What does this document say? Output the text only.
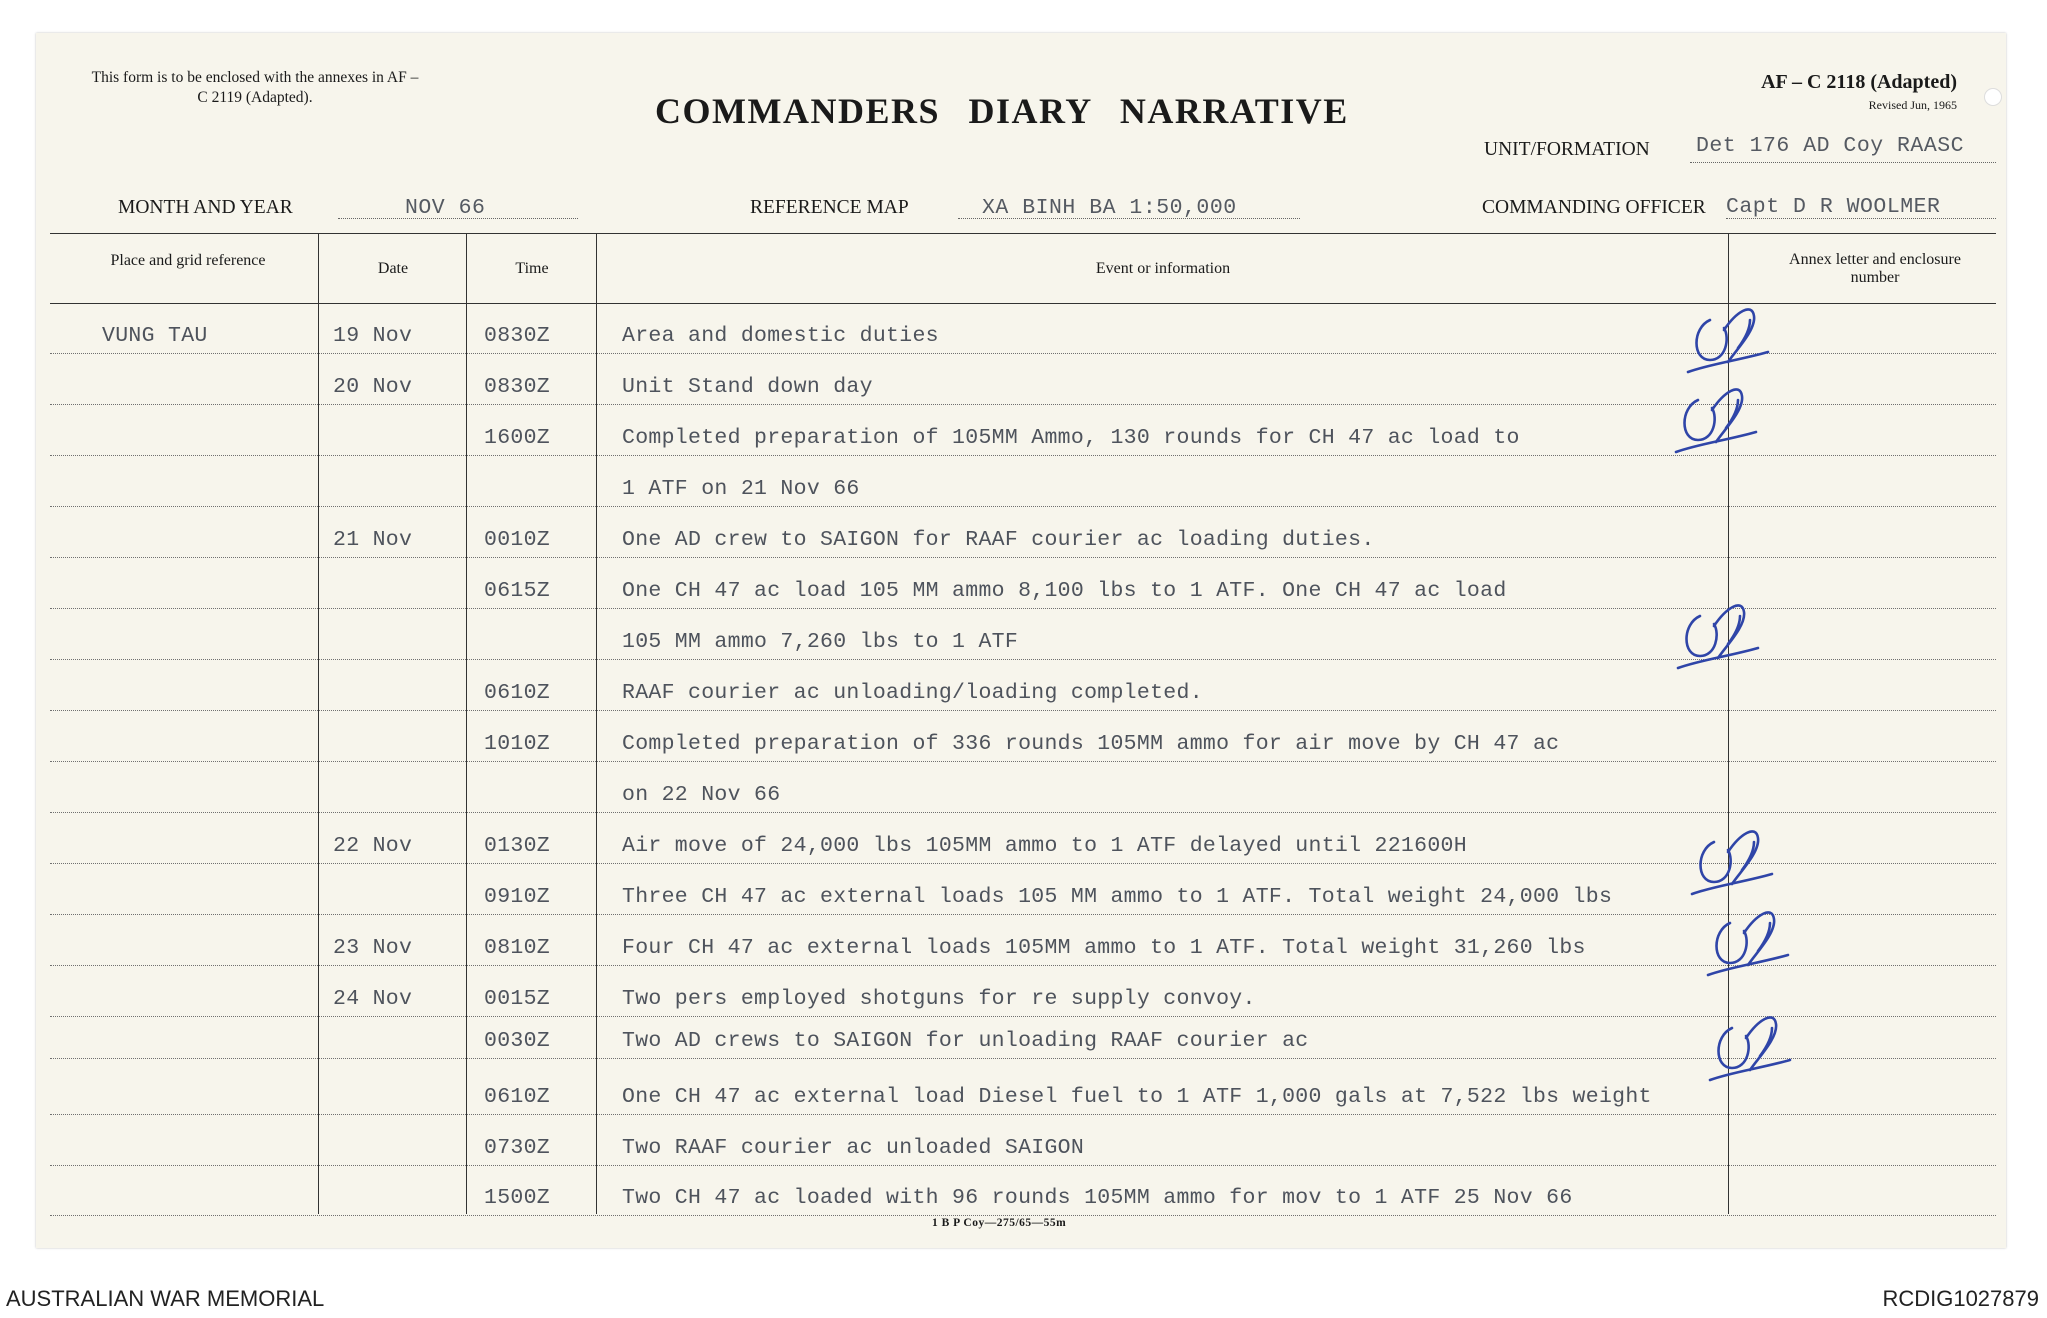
This form is to be enclosed with the annexes in AF – C 2119 (Adapted).	COMMANDERS DIARY NARRATIVE
AF – C 2118 (Adapted)
Revised Jun, 1965
UNIT/FORMATION Det 176 AD Coy RAASC
MONTH AND YEAR	NOV 66	REFERENCE MAP	XA BINH BA 1:50,000	COMMANDING OFFICER Capt D R WOOLMER
Place and grid reference	Date	Time	Event or information
Annex letter and enclosure number
VUNG TAU	19 Nov	0830Z	Area and domestic duties
20 Nov	0830Z	Unit Stand down day
1600Z	Completed preparation of 105MM Ammo, 130 rounds for CH 47 ac load to
1 ATF on 21 Nov 66
21 Nov	0010Z	One AD crew to SAIGON for RAAF courier ac loading duties.
0615Z	One CH 47 ac load 105 MM ammo 8,100 lbs to 1 ATF. One CH 47 ac load
105 MM ammo 7,260 lbs to 1 ATF
0610Z	RAAF courier ac unloading/loading completed.
1010Z	Completed preparation of 336 rounds 105MM ammo for air move by CH 47 ac
on 22 Nov 66
22 Nov	0130Z	Air move of 24,000 lbs 105MM ammo to 1 ATF delayed until 221600H
0910Z	Three CH 47 ac external loads 105 MM ammo to 1 ATF. Total weight 24,000 lbs
23 Nov	0810Z	Four CH 47 ac external loads 105MM ammo to 1 ATF. Total weight 31,260 lbs
24 Nov	0015Z	Two pers employed shotguns for re supply convoy.
0030Z	Two AD crews to SAIGON for unloading RAAF courier ac
0610Z	One CH 47 ac external load Diesel fuel to 1 ATF 1,000 gals at 7,522 lbs weight
0730Z	Two RAAF courier ac unloaded SAIGON
1500Z	Two CH 47 ac loaded with 96 rounds 105MM ammo for mov to 1 ATF 25 Nov 66
1 B P Coy—275/65—55m
AUSTRALIAN WAR MEMORIAL	RCDIG1027879
